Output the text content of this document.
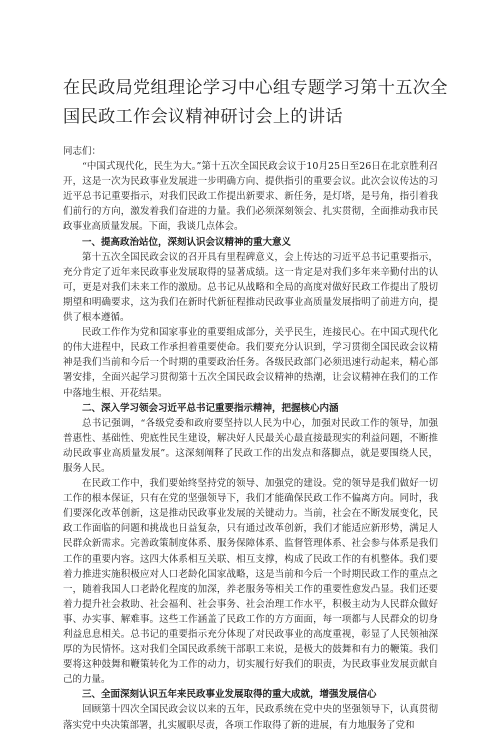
在民政局党组理论学习中心组专题学习第十五次全
国民政工作会议精神研讨会上的讲话

同志们：

“中国式现代化，民生为大。”第十五次全国民政会议于10月25日至26日在北京胜利召开，这是一次为民政事业发展进一步明确方向、提供指引的重要会议。此次会议传达的习近平总书记重要指示，对我们民政工作提出新要求、新任务，是灯塔，是号角，指引着我们前行的方向，激发着我们奋进的力量。我们必须深刻领会、扎实贯彻，全面推动我市民政事业高质量发展。下面，我谈几点体会。

一、提高政治站位，深刻认识会议精神的重大意义

第十五次全国民政会议的召开具有里程碑意义，会上传达的习近平总书记重要指示，充分肯定了近年来民政事业发展取得的显著成绩。这一肯定是对我们多年来辛勤付出的认可，更是对我们未来工作的激励。总书记从战略和全局的高度对做好民政工作提出了殷切期望和明确要求，这为我们在新时代新征程推动民政事业高质量发展指明了前进方向，提供了根本遵循。

民政工作作为党和国家事业的重要组成部分，关乎民生，连接民心。在中国式现代化的伟大进程中，民政工作承担着重要使命。我们要充分认识到，学习贯彻全国民政会议精神是我们当前和今后一个时期的重要政治任务。各级民政部门必须迅速行动起来，精心部署安排，全面兴起学习贯彻第十五次全国民政会议精神的热潮，让会议精神在我们的工作中落地生根、开花结果。

二、深入学习领会习近平总书记重要指示精神，把握核心内涵

总书记强调，“各级党委和政府要坚持以人民为中心，加强对民政工作的领导，加强普惠性、基础性、兜底性民生建设，解决好人民最关心最直接最现实的利益问题，不断推动民政事业高质量发展”。这深刻阐释了民政工作的出发点和落脚点，就是要围绕人民，服务人民。

在民政工作中，我们要始终坚持党的领导、加强党的建设。党的领导是我们做好一切工作的根本保证，只有在党的坚强领导下，我们才能确保民政工作不偏离方向。同时，我们要深化改革创新，这是推动民政事业发展的关键动力。当前，社会在不断发展变化，民政工作面临的问题和挑战也日益复杂，只有通过改革创新，我们才能适应新形势，满足人民群众新需求。完善政策制度体系、服务保障体系、监督管理体系、社会参与体系是我们工作的重要内容。这四大体系相互关联、相互支撑，构成了民政工作的有机整体。我们要着力推进实施积极应对人口老龄化国家战略，这是当前和今后一个时期民政工作的重点之一，随着我国人口老龄化程度的加深，养老服务等相关工作的重要性愈发凸显。我们还要着力提升社会救助、社会福利、社会事务、社会治理工作水平，积极主动为人民群众做好事、办实事、解难事。这些工作涵盖了民政工作的方方面面，每一项都与人民群众的切身利益息息相关。总书记的重要指示充分体现了对民政事业的高度重视，彰显了人民领袖深厚的为民情怀。这对我们全国民政系统干部职工来说，是极大的鼓舞和有力的鞭策。我们要将这种鼓舞和鞭策转化为工作的动力，切实履行好我们的职责，为民政事业发展贡献自己的力量。

三、全面深刻认识五年来民政事业发展取得的重大成就，增强发展信心

回顾第十四次全国民政会议以来的五年，民政系统在党中央的坚强领导下，认真贯彻落实党中央决策部署，扎实履职尽责，各项工作取得了新的进展，有力地服务了党和
